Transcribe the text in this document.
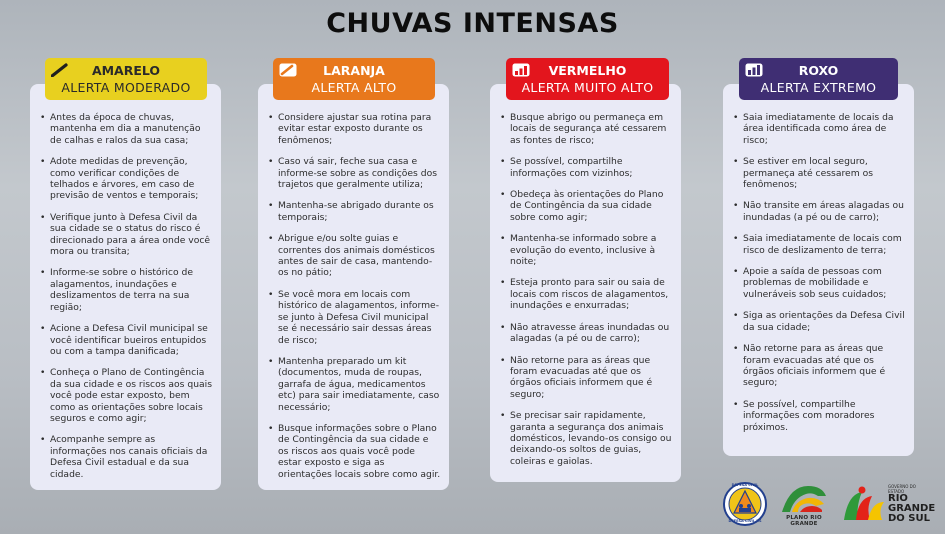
CHUVAS INTENSAS
• Antes da época de chuvas, mantenha em dia a manutenção de calhas e ralos da sua casa;
• Adote medidas de prevenção, como verificar condições de telhados e árvores, em caso de previsão de ventos e temporais;
• Verifique junto à Defesa Civil da sua cidade se o status do risco é direcionado para a área onde você mora ou transita;
• Informe-se sobre o histórico de alagamentos, inundações e deslizamentos de terra na sua região;
• Acione a Defesa Civil municipal se você identificar bueiros entupidos ou com a tampa danificada;
• Conheça o Plano de Contingência da sua cidade e os riscos aos quais você pode estar exposto, bem como as orientações sobre locais seguros e como agir;
• Acompanhe sempre as informações nos canais oficiais da Defesa Civil estadual e da sua cidade.
AMARELO
ALERTA MODERADO
• Considere ajustar sua rotina para evitar estar exposto durante os fenômenos;
• Caso vá sair, feche sua casa e informe-se sobre as condições dos trajetos que geralmente utiliza;
• Mantenha-se abrigado durante os temporais;
• Abrigue e/ou solte guias e correntes dos animais domésticos antes de sair de casa, mantendo-os no pátio;
• Se você mora em locais com histórico de alagamentos, informe-se junto à Defesa Civil municipal se é necessário sair dessas áreas de risco;
• Mantenha preparado um kit (documentos, muda de roupas, garrafa de água, medicamentos etc) para sair imediatamente, caso necessário;
• Busque informações sobre o Plano de Contingência da sua cidade e os riscos aos quais você pode estar exposto e siga as orientações locais sobre como agir.
LARANJA
ALERTA ALTO
• Busque abrigo ou permaneça em locais de segurança até cessarem as fontes de risco;
• Se possível, compartilhe informações com vizinhos;
• Obedeça às orientações do Plano de Contingência da sua cidade sobre como agir;
• Mantenha-se informado sobre a evolução do evento, inclusive à noite;
• Esteja pronto para sair ou saia de locais com riscos de alagamentos, inundações e enxurradas;
• Não atravesse áreas inundadas ou alagadas (a pé ou de carro);
• Não retorne para as áreas que foram evacuadas até que os órgãos oficiais informem que é seguro;
• Se precisar sair rapidamente, garanta a segurança dos animais domésticos, levando-os consigo ou deixando-os soltos de guias, coleiras e gaiolas.
VERMELHO
ALERTA MUITO ALTO
• Saia imediatamente de locais da área identificada como área de risco;
• Se estiver em local seguro, permaneça até cessarem os fenômenos;
• Não transite em áreas alagadas ou inundadas (a pé ou de carro);
• Saia imediatamente de locais com risco de deslizamento de terra;
• Apoie a saída de pessoas com problemas de mobilidade e vulneráveis sob seus cuidados;
• Siga as orientações da Defesa Civil da sua cidade;
• Não retorne para as áreas que foram evacuadas até que os órgãos oficiais informem que é seguro;
• Se possível, compartilhe informações com moradores próximos.
ROXO
ALERTA EXTREMO
DEFESA CIVIL
DEFESA CIVIL RS	PLANO RIO GRANDE
GOVERNO DO ESTADO
RIO
GRANDE
DO SUL
